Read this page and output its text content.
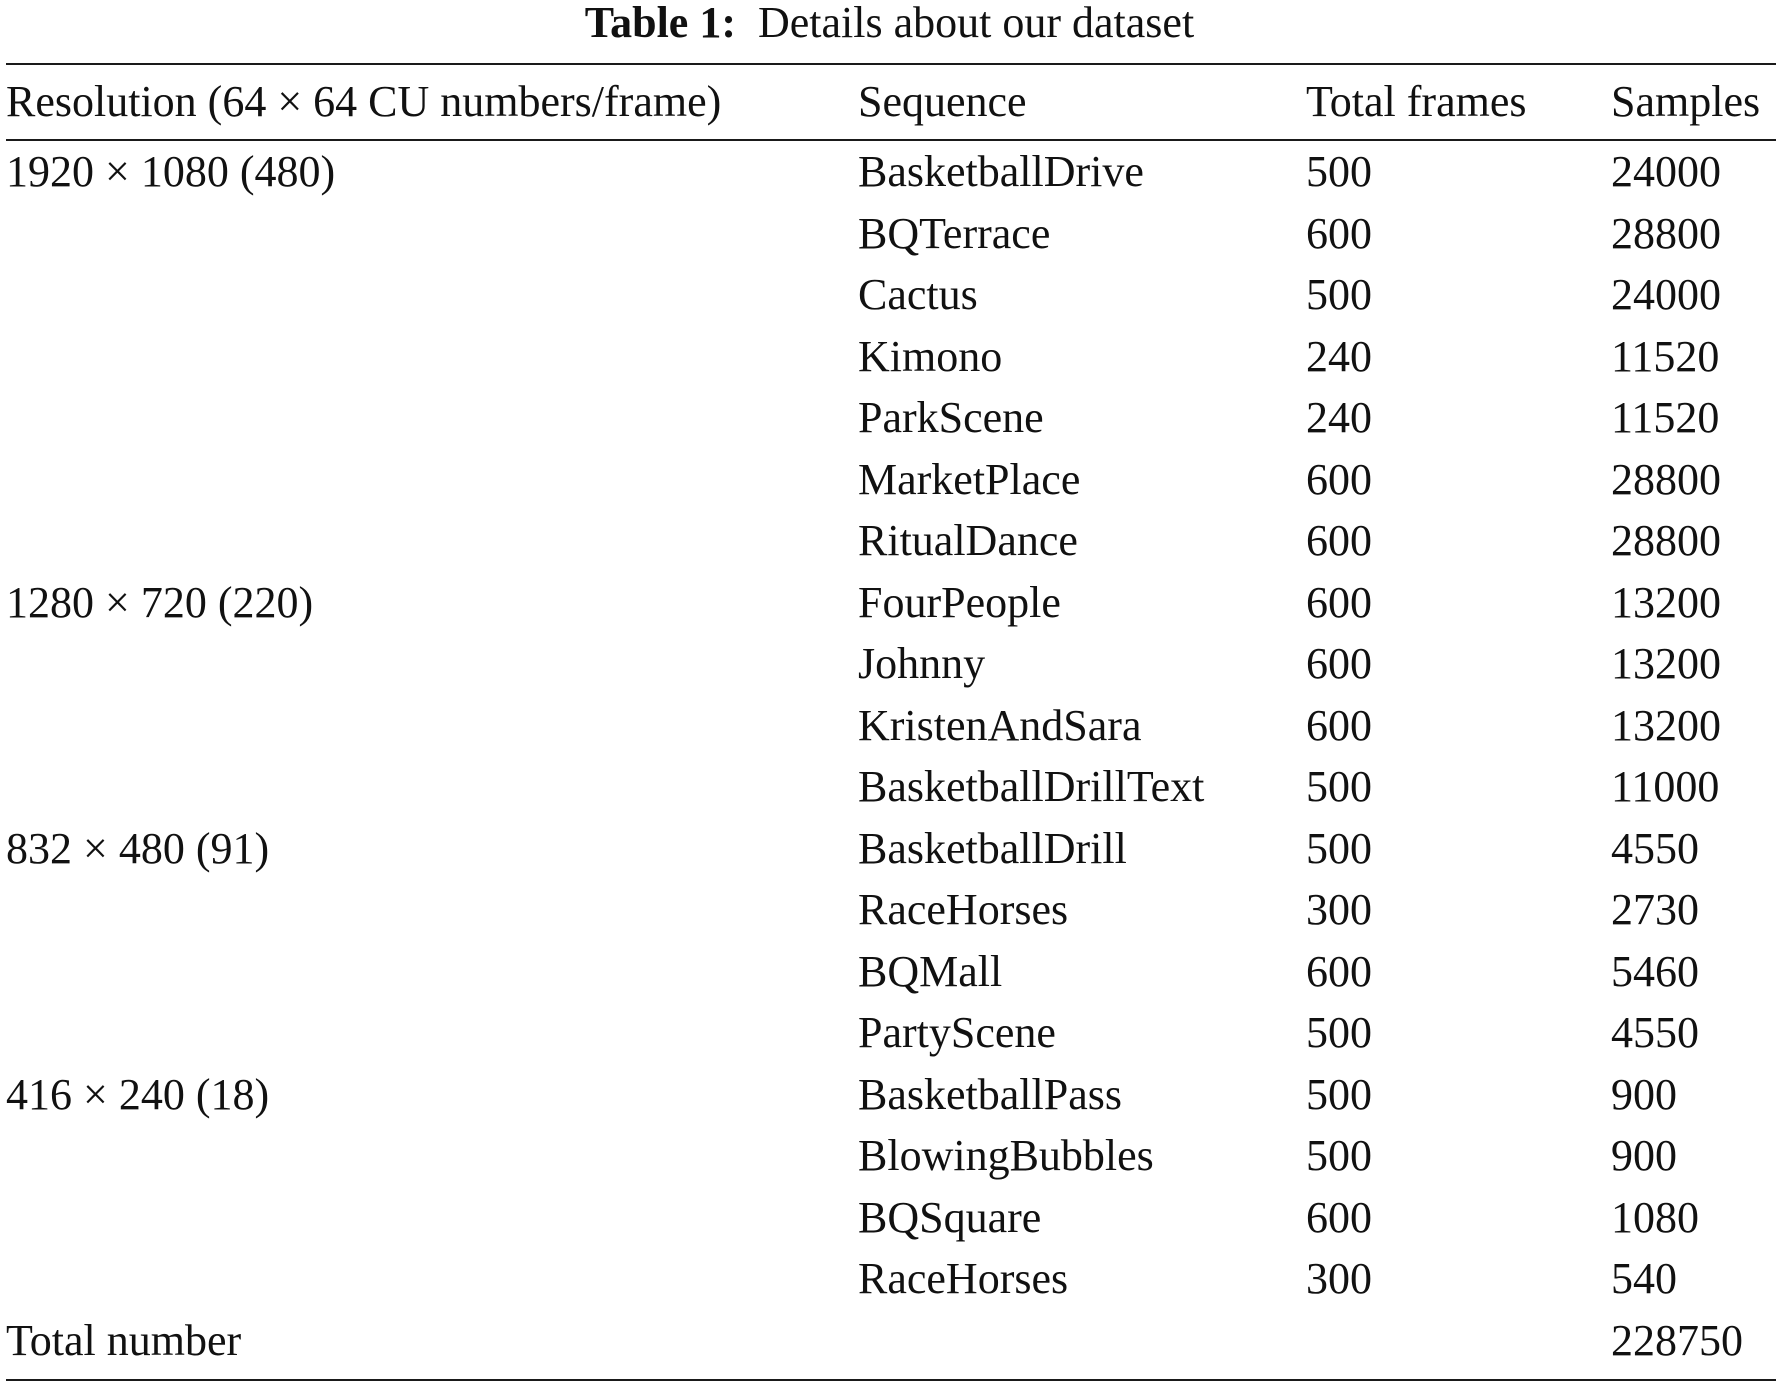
Table 1: Details about our dataset
Resolution (64 × 64 CU numbers/frame)	Sequence	Total frames	Samples

1920 × 1080 (480)	BasketballDrive	500	24000
	BQTerrace	600	28800
	Cactus	500	24000
	Kimono	240	11520
	ParkScene	240	11520
	MarketPlace	600	28800
	RitualDance	600	28800
1280 × 720 (220)	FourPeople	600	13200
	Johnny	600	13200
	KristenAndSara	600	13200
	BasketballDrillText	500	11000
832 × 480 (91)	BasketballDrill	500	4550
	RaceHorses	300	2730
	BQMall	600	5460
	PartyScene	500	4550
416 × 240 (18)	BasketballPass	500	900
	BlowingBubbles	500	900
	BQSquare	600	1080
	RaceHorses	300	540
Total number			228750
